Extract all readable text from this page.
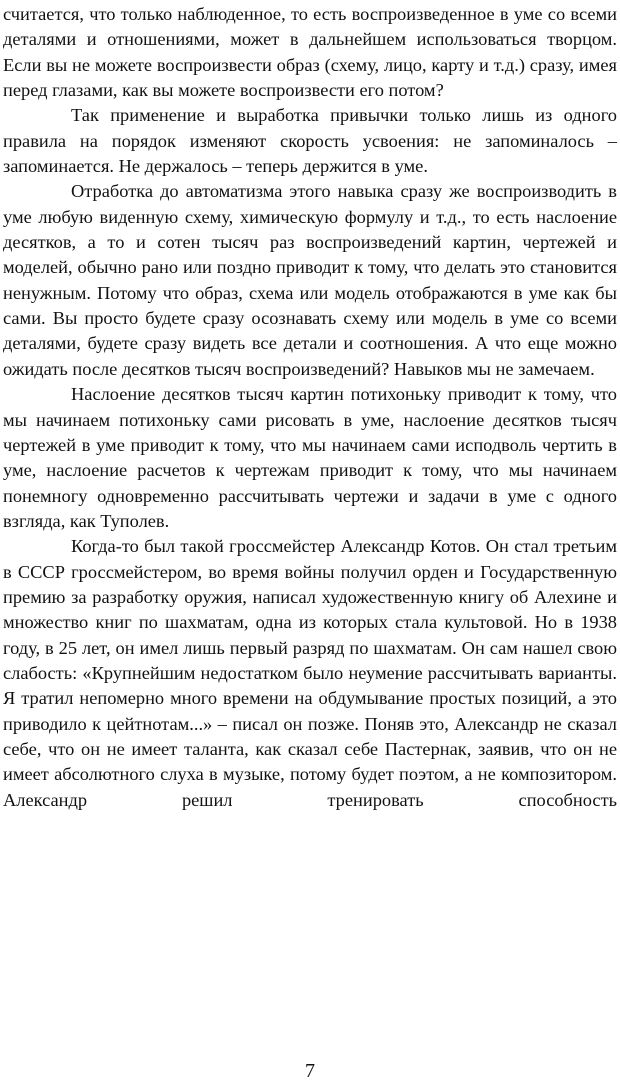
считается, что только наблюденное, то есть воспроизведенное в уме со всеми деталями и отношениями, может в дальнейшем использоваться творцом. Если вы не можете воспроизвести образ (схему, лицо, карту и т.д.) сразу, имея перед глазами, как вы можете воспроизвести его потом?

Так применение и выработка привычки только лишь из одного правила на порядок изменяют скорость усвоения: не запоминалось – запоминается. Не держалось – теперь держится в уме.

Отработка до автоматизма этого навыка сразу же воспроизводить в уме любую виденную схему, химическую формулу и т.д., то есть наслоение десятков, а то и сотен тысяч раз воспроизведений картин, чертежей и моделей, обычно рано или поздно приводит к тому, что делать это становится ненужным. Потому что образ, схема или модель отображаются в уме как бы сами. Вы просто будете сразу осознавать схему или модель в уме со всеми деталями, будете сразу видеть все детали и соотношения. А что еще можно ожидать после десятков тысяч воспроизведений? Навыков мы не замечаем.

Наслоение десятков тысяч картин потихоньку приводит к тому, что мы начинаем потихоньку сами рисовать в уме, наслоение десятков тысяч чертежей в уме приводит к тому, что мы начинаем сами исподволь чертить в уме, наслоение расчетов к чертежам приводит к тому, что мы начинаем понемногу одновременно рассчитывать чертежи и задачи в уме с одного взгляда, как Туполев.

Когда-то был такой гроссмейстер Александр Котов. Он стал третьим в СССР гроссмейстером, во время войны получил орден и Государственную премию за разработку оружия, написал художественную книгу об Алехине и множество книг по шахматам, одна из которых стала культовой. Но в 1938 году, в 25 лет, он имел лишь первый разряд по шахматам. Он сам нашел свою слабость: «Крупнейшим недостатком было неумение рассчитывать варианты. Я тратил непомерно много времени на обдумывание простых позиций, а это приводило к цейтнотам...» – писал он позже. Поняв это, Александр не сказал себе, что он не имеет таланта, как сказал себе Пастернак, заявив, что он не имеет абсолютного слуха в музыке, потому будет поэтом, а не композитором. Александр решил тренировать способность

7
